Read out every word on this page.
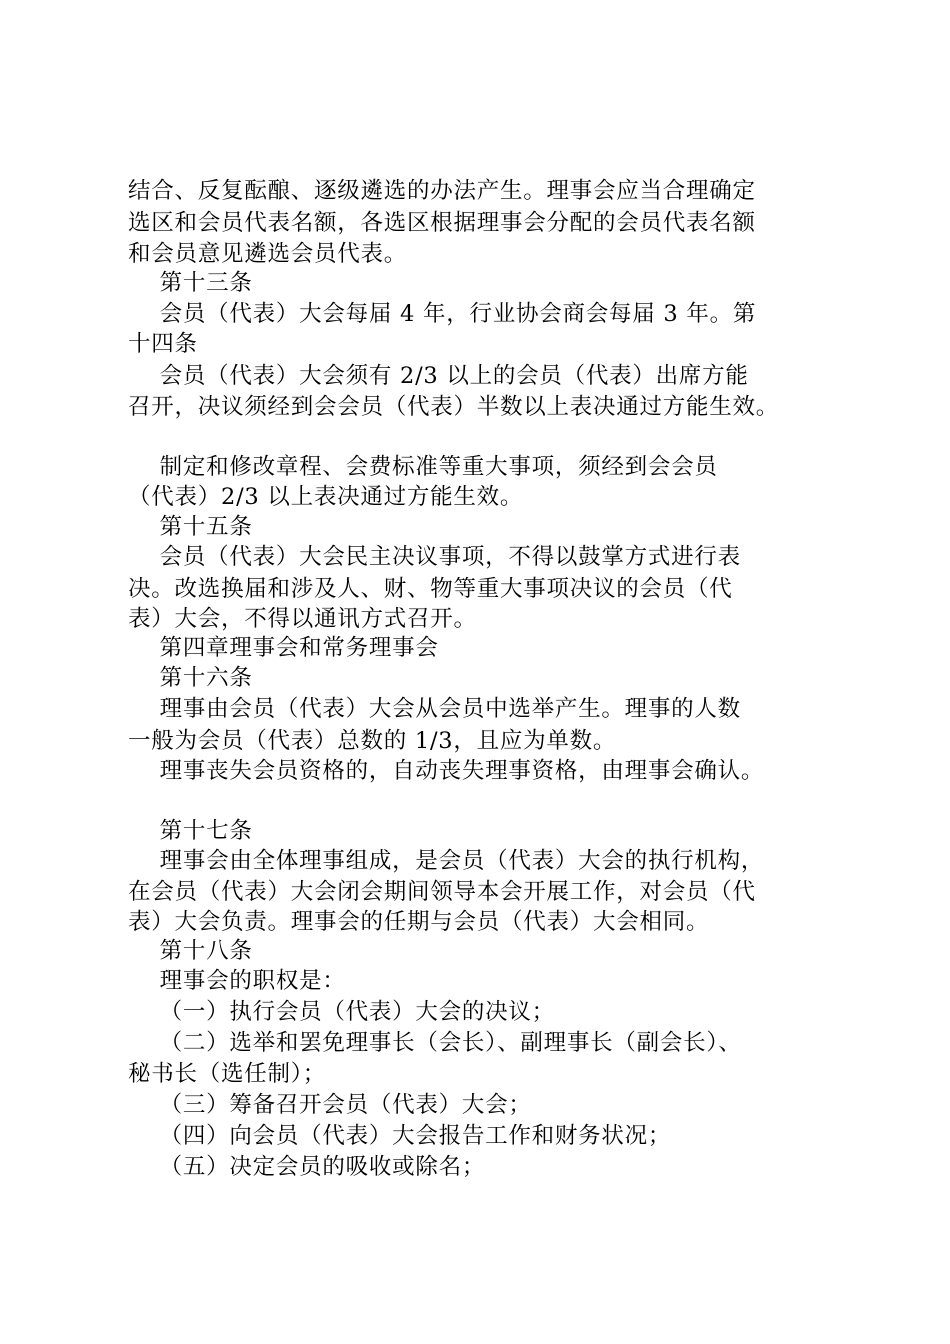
结合、反复酝酿、逐级遴选的办法产生。理事会应当合理确定
选区和会员代表名额，各选区根据理事会分配的会员代表名额
和会员意见遴选会员代表。
第十三条
会员（代表）大会每届 4 年，行业协会商会每届 3 年。第
十四条
会员（代表）大会须有 2/3 以上的会员（代表）出席方能
召开，决议须经到会会员（代表）半数以上表决通过方能生效。
制定和修改章程、会费标准等重大事项，须经到会会员
（代表）2/3 以上表决通过方能生效。
第十五条
会员（代表）大会民主决议事项，不得以鼓掌方式进行表
决。改选换届和涉及人、财、物等重大事项决议的会员（代
表）大会，不得以通讯方式召开。
第四章理事会和常务理事会
第十六条
理事由会员（代表）大会从会员中选举产生。理事的人数
一般为会员（代表）总数的 1/3，且应为单数。
理事丧失会员资格的，自动丧失理事资格，由理事会确认。
第十七条
理事会由全体理事组成，是会员（代表）大会的执行机构，
在会员（代表）大会闭会期间领导本会开展工作，对会员（代
表）大会负责。理事会的任期与会员（代表）大会相同。
第十八条
理事会的职权是：
（一）执行会员（代表）大会的决议；
（二）选举和罢免理事长（会长）、副理事长（副会长）、
秘书长（选任制）；
（三）筹备召开会员（代表）大会；
（四）向会员（代表）大会报告工作和财务状况；
（五）决定会员的吸收或除名；
